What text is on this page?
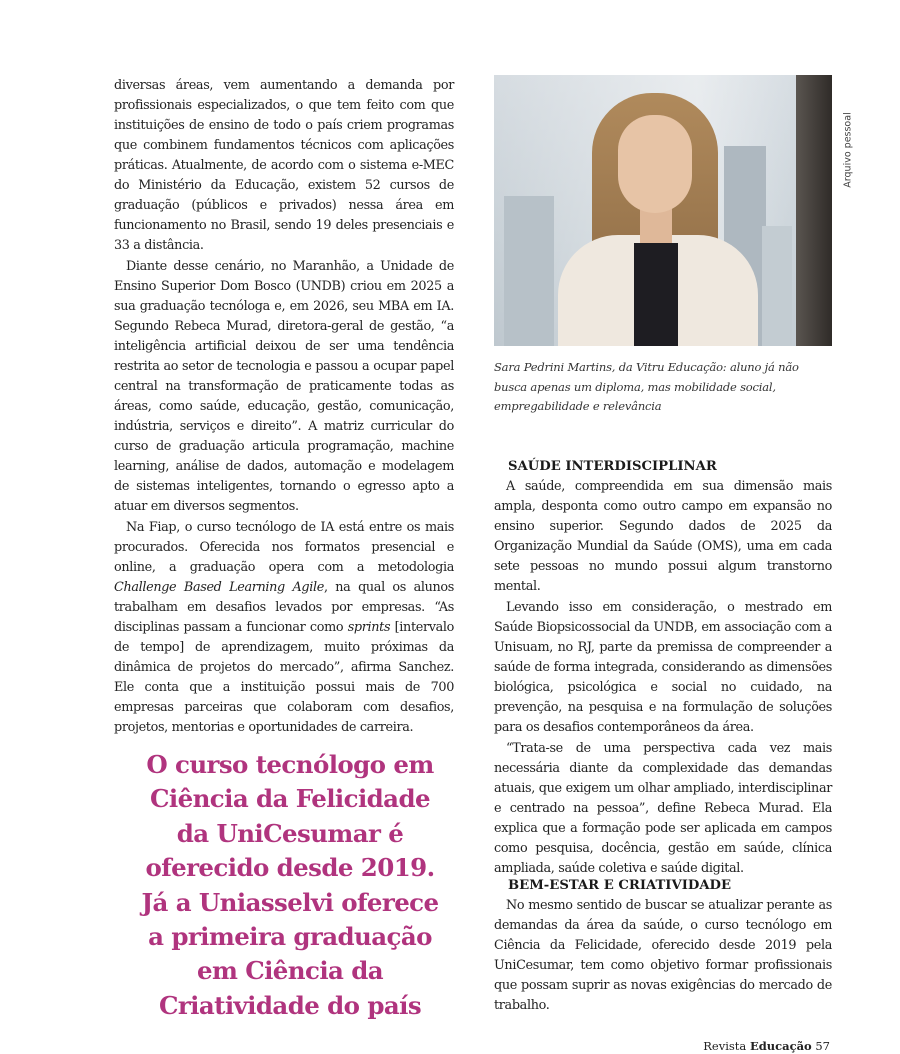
diversas áreas, vem aumentando a demanda por profissionais especializados, o que tem feito com que instituições de ensino de todo o país criem programas que combinem fundamentos técnicos com aplicações práticas. Atualmente, de acordo com o sistema e-MEC do Ministério da Educação, existem 52 cursos de graduação (públicos e privados) nessa área em funcionamento no Brasil, sendo 19 deles presenciais e 33 a distância.

Diante desse cenário, no Maranhão, a Unidade de Ensino Superior Dom Bosco (UNDB) criou em 2025 a sua graduação tecnóloga e, em 2026, seu MBA em IA. Segundo Rebeca Murad, diretora-geral de gestão, “a inteligência artificial deixou de ser uma tendência restrita ao setor de tecnologia e passou a ocupar papel central na transformação de praticamente todas as áreas, como saúde, educação, gestão, comunicação, indústria, serviços e direito”. A matriz curricular do curso de graduação articula programação, machine learning, análise de dados, automação e modelagem de sistemas inteligentes, tornando o egresso apto a atuar em diversos segmentos.

Na Fiap, o curso tecnólogo de IA está entre os mais procurados. Oferecida nos formatos presencial e online, a graduação opera com a metodologia Challenge Based Learning Agile, na qual os alunos trabalham em desafios levados por empresas. “As disciplinas passam a funcionar como sprints [intervalo de tempo] de aprendizagem, muito próximas da dinâmica de projetos do mercado”, afirma Sanchez. Ele conta que a instituição possui mais de 700 empresas parceiras que colaboram com desafios, projetos, mentorias e oportunidades de carreira.

O curso tecnólogo em Ciência da Felicidade da UniCesumar é oferecido desde 2019. Já a Uniasselvi oferece a primeira graduação em Ciência da Criatividade do país
Arquivo pessoal
Sara Pedrini Martins, da Vitru Educação: aluno já não busca apenas um diploma, mas mobilidade social, empregabilidade e relevância
SAÚDE INTERDISCIPLINAR

A saúde, compreendida em sua dimensão mais ampla, desponta como outro campo em expansão no ensino superior. Segundo dados de 2025 da Organização Mundial da Saúde (OMS), uma em cada sete pessoas no mundo possui algum transtorno mental.

Levando isso em consideração, o mestrado em Saúde Biopsicossocial da UNDB, em associação com a Unisuam, no RJ, parte da premissa de compreender a saúde de forma integrada, considerando as dimensões biológica, psicológica e social no cuidado, na prevenção, na pesquisa e na formulação de soluções para os desafios contemporâneos da área.

“Trata-se de uma perspectiva cada vez mais necessária diante da complexidade das demandas atuais, que exigem um olhar ampliado, interdisciplinar e centrado na pessoa”, define Rebeca Murad. Ela explica que a formação pode ser aplicada em campos como pesquisa, docência, gestão em saúde, clínica ampliada, saúde coletiva e saúde digital.

BEM-ESTAR E CRIATIVIDADE

No mesmo sentido de buscar se atualizar perante as demandas da área da saúde, o curso tecnólogo em Ciência da Felicidade, oferecido desde 2019 pela UniCesumar, tem como objetivo formar profissionais que possam suprir as novas exigências do mercado de trabalho.

Revista Educação 57
